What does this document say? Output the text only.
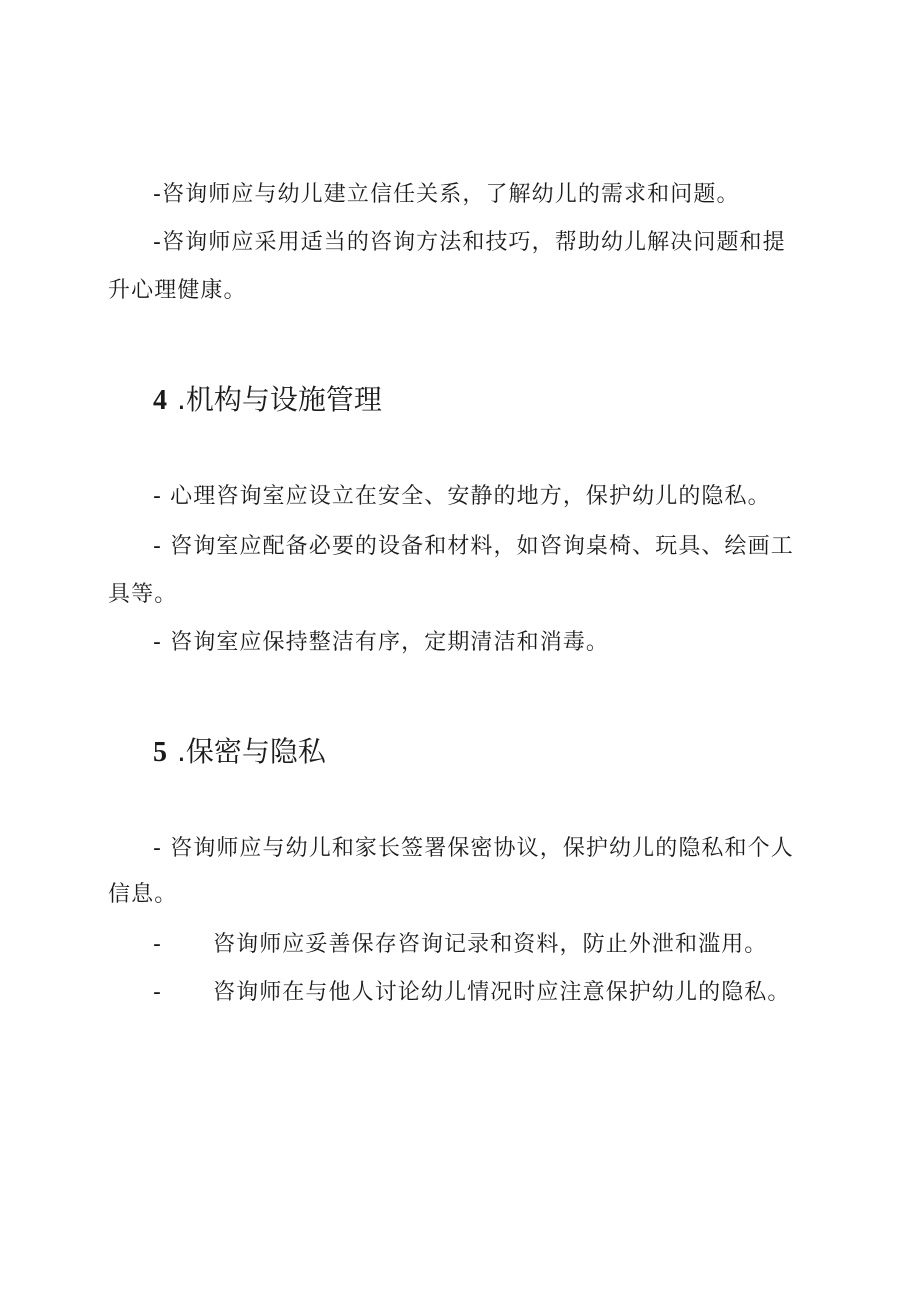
-咨询师应与幼儿建立信任关系，了解幼儿的需求和问题。
-咨询师应采用适当的咨询方法和技巧，帮助幼儿解决问题和提
升心理健康。
4 .机构与设施管理
- 心理咨询室应设立在安全、安静的地方，保护幼儿的隐私。
- 咨询室应配备必要的设备和材料，如咨询桌椅、玩具、绘画工
具等。
- 咨询室应保持整洁有序，定期清洁和消毒。
5 .保密与隐私
- 咨询师应与幼儿和家长签署保密协议，保护幼儿的隐私和个人
信息。
- 咨询师应妥善保存咨询记录和资料，防止外泄和滥用。
- 咨询师在与他人讨论幼儿情况时应注意保护幼儿的隐私。
